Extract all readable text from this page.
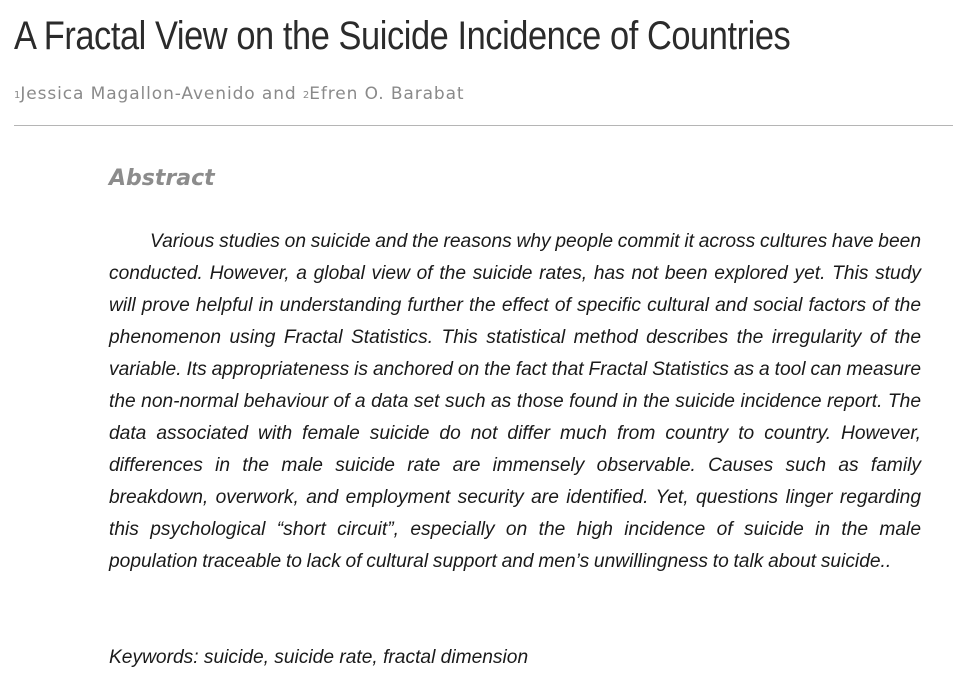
A Fractal View on the Suicide Incidence of Countries
$^1$Jessica Magallon-Avenido and $^2$Efren O. Barabat
Abstract

Various studies on suicide and the reasons why people commit it across cultures have been conducted. However, a global view of the suicide rates, has not been explored yet. This study will prove helpful in understanding further the effect of specific cultural and social factors of the phenomenon using Fractal Statistics. This statistical method describes the irregularity of the variable. Its appropriateness is anchored on the fact that Fractal Statistics as a tool can measure the non-normal behaviour of a data set such as those found in the suicide incidence report. The data associated with female suicide do not differ much from country to country. However, differences in the male suicide rate are immensely observable. Causes such as family breakdown, overwork, and employment security are identified. Yet, questions linger regarding this psychological “short circuit”, especially on the high incidence of suicide in the male population traceable to lack of cultural support and men’s unwillingness to talk about suicide..

Keywords: suicide, suicide rate, fractal dimension
